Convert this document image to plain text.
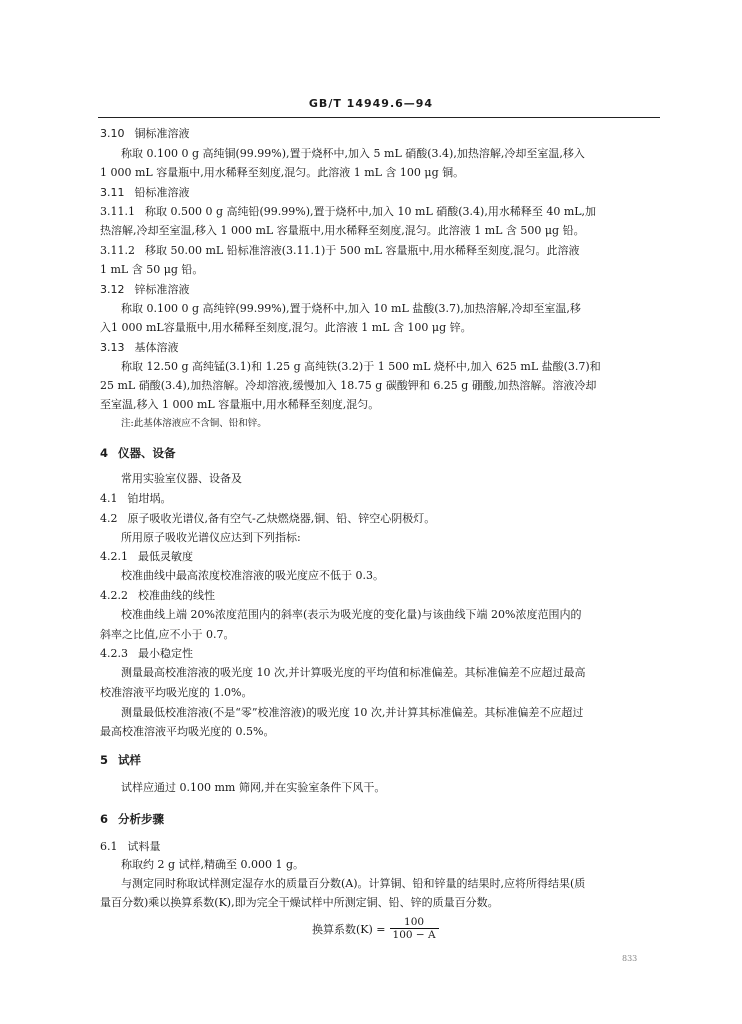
GB/T 14949.6—94
3.10 铜标准溶液
称取 0.100 0 g 高纯铜(99.99%),置于烧杯中,加入 5 mL 硝酸(3.4),加热溶解,冷却至室温,移入
1 000 mL 容量瓶中,用水稀释至刻度,混匀。此溶液 1 mL 含 100 μg 铜。
3.11 铅标准溶液
3.11.1 称取 0.500 0 g 高纯铅(99.99%),置于烧杯中,加入 10 mL 硝酸(3.4),用水稀释至 40 mL,加
热溶解,冷却至室温,移入 1 000 mL 容量瓶中,用水稀释至刻度,混匀。此溶液 1 mL 含 500 μg 铅。
3.11.2 移取 50.00 mL 铅标准溶液(3.11.1)于 500 mL 容量瓶中,用水稀释至刻度,混匀。此溶液
1 mL 含 50 μg 铅。
3.12 锌标准溶液
称取 0.100 0 g 高纯锌(99.99%),置于烧杯中,加入 10 mL 盐酸(3.7),加热溶解,冷却至室温,移
入1 000 mL容量瓶中,用水稀释至刻度,混匀。此溶液 1 mL 含 100 μg 锌。
3.13 基体溶液
称取 12.50 g 高纯锰(3.1)和 1.25 g 高纯铁(3.2)于 1 500 mL 烧杯中,加入 625 mL 盐酸(3.7)和
25 mL 硝酸(3.4),加热溶解。冷却溶液,缓慢加入 18.75 g 碳酸钾和 6.25 g 硼酸,加热溶解。溶液冷却
至室温,移入 1 000 mL 容量瓶中,用水稀释至刻度,混匀。
注:此基体溶液应不含铜、铅和锌。
4 仪器、设备
常用实验室仪器、设备及
4.1 铂坩埚。
4.2 原子吸收光谱仪,备有空气-乙炔燃烧器,铜、铅、锌空心阴极灯。
所用原子吸收光谱仪应达到下列指标:
4.2.1 最低灵敏度
校准曲线中最高浓度校准溶液的吸光度应不低于 0.3。
4.2.2 校准曲线的线性
校准曲线上端 20%浓度范围内的斜率(表示为吸光度的变化量)与该曲线下端 20%浓度范围内的
斜率之比值,应不小于 0.7。
4.2.3 最小稳定性
测量最高校准溶液的吸光度 10 次,并计算吸光度的平均值和标准偏差。其标准偏差不应超过最高
校准溶液平均吸光度的 1.0%。
测量最低校准溶液(不是“零”校准溶液)的吸光度 10 次,并计算其标准偏差。其标准偏差不应超过
最高校准溶液平均吸光度的 0.5%。
5 试样
试样应通过 0.100 mm 筛网,并在实验室条件下风干。
6 分析步骤
6.1 试料量
称取约 2 g 试样,精确至 0.000 1 g。
与测定同时称取试样测定湿存水的质量百分数(A)。计算铜、铅和锌量的结果时,应将所得结果(质
量百分数)乘以换算系数(K),即为完全干燥试样中所测定铜、铅、锌的质量百分数。
换算系数$(K) = \frac{100}{100 - A}$
833
